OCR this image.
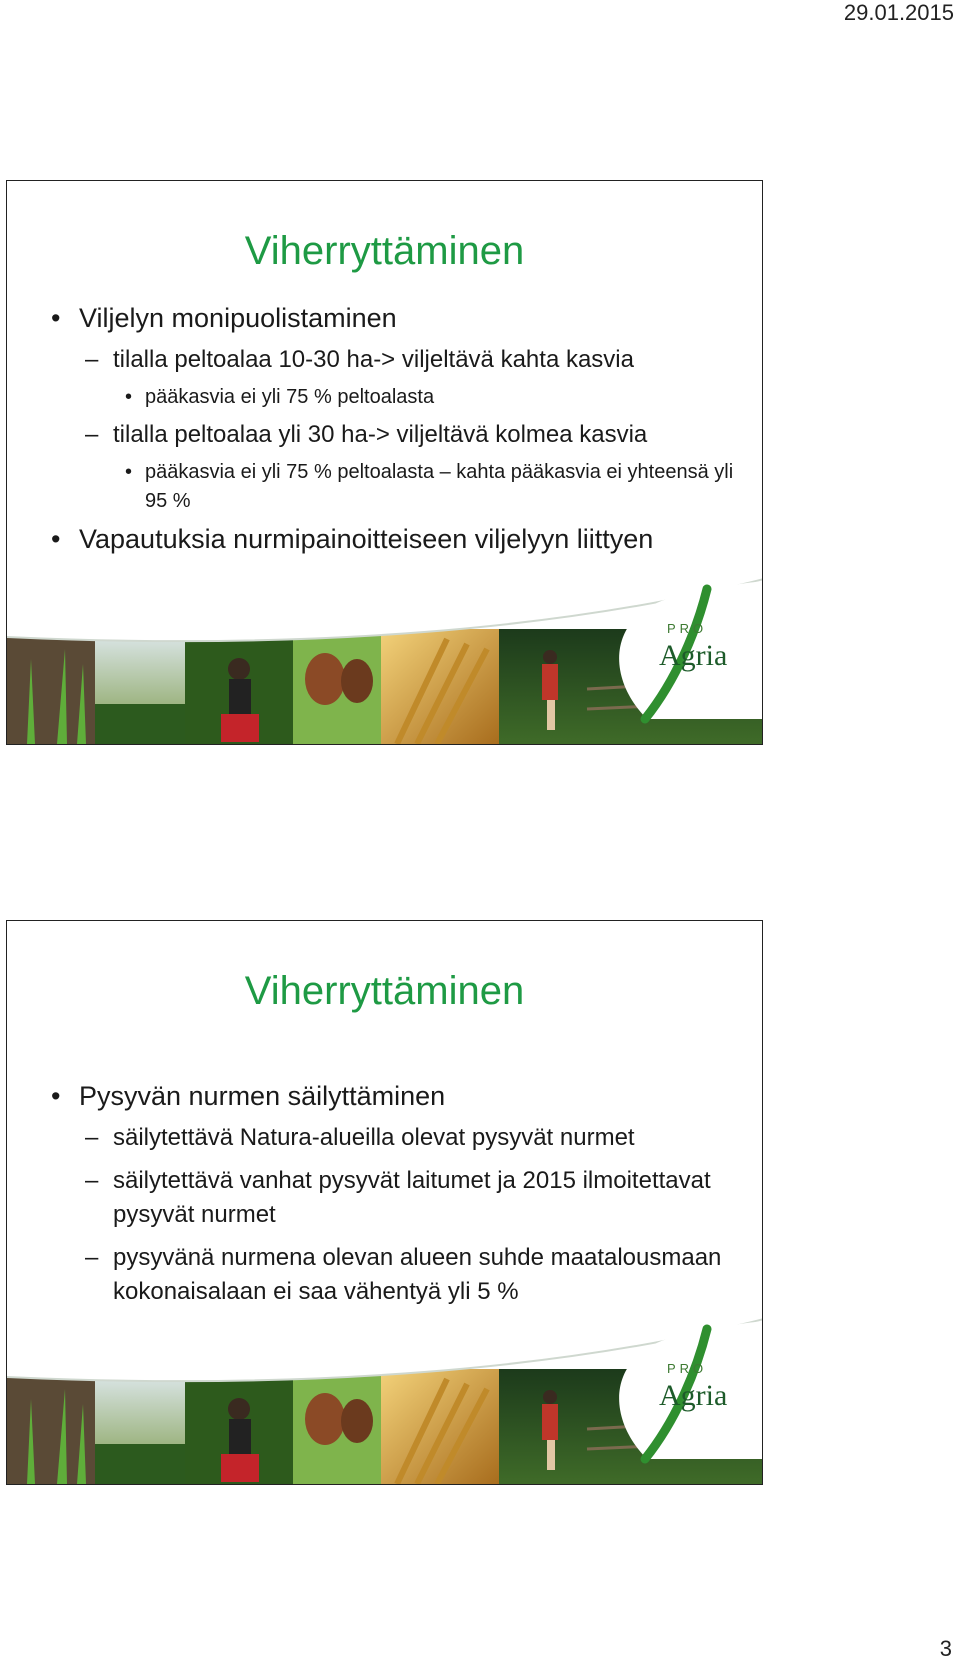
29.01.2015
Viherryttäminen
• Viljelyn monipuolistaminen
– tilalla peltoalaa 10-30 ha-> viljeltävä kahta kasvia
• pääkasvia ei yli 75 % peltoalasta
– tilalla peltoalaa yli 30 ha-> viljeltävä kolmea kasvia
• pääkasvia ei yli 75 % peltoalasta – kahta pääkasvia ei yhteensä yli 95 %
• Vapautuksia nurmipainoitteiseen viljelyyn liittyen
PRO
Agria
Viherryttäminen
• Pysyvän nurmen säilyttäminen
– säilytettävä Natura-alueilla olevat pysyvät nurmet
– säilytettävä vanhat pysyvät laitumet ja 2015 ilmoitettavat pysyvät nurmet
– pysyvänä nurmena olevan alueen suhde maatalousmaan kokonaisalaan ei saa vähentyä yli 5 %
PRO
Agria
3
